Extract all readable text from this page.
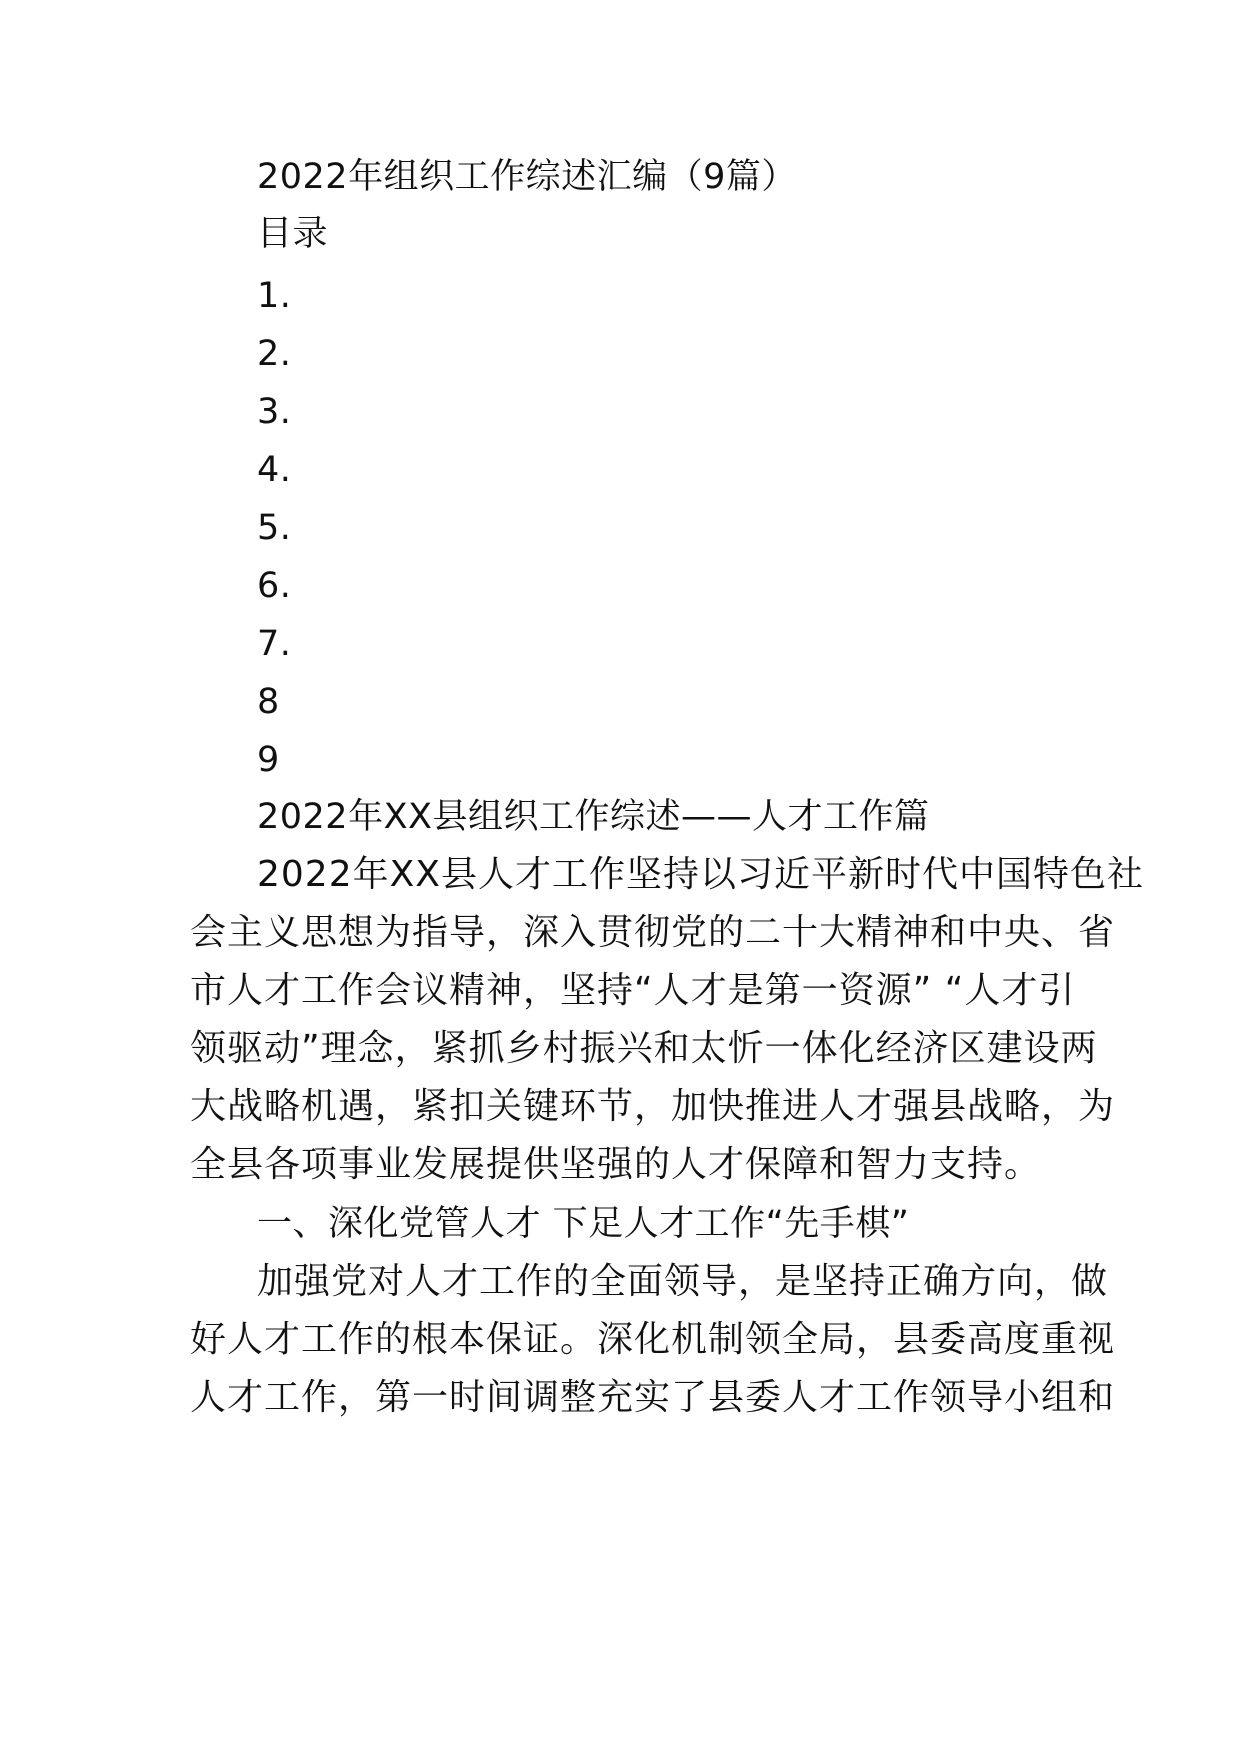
2022年组织工作综述汇编（9篇）
目录
1.
2.
3.
4.
5.
6.
7.
8
9
2022年XX县组织工作综述——人才工作篇
2022年XX县人才工作坚持以习近平新时代中国特色社
会主义思想为指导，深入贯彻党的二十大精神和中央、省
市人才工作会议精神，坚持“人才是第一资源” “人才引
领驱动”理念，紧抓乡村振兴和太忻一体化经济区建设两
大战略机遇，紧扣关键环节，加快推进人才强县战略，为
全县各项事业发展提供坚强的人才保障和智力支持。
一、深化党管人才 下足人才工作“先手棋”
加强党对人才工作的全面领导，是坚持正确方向，做
好人才工作的根本保证。深化机制领全局，县委高度重视
人才工作，第一时间调整充实了县委人才工作领导小组和
